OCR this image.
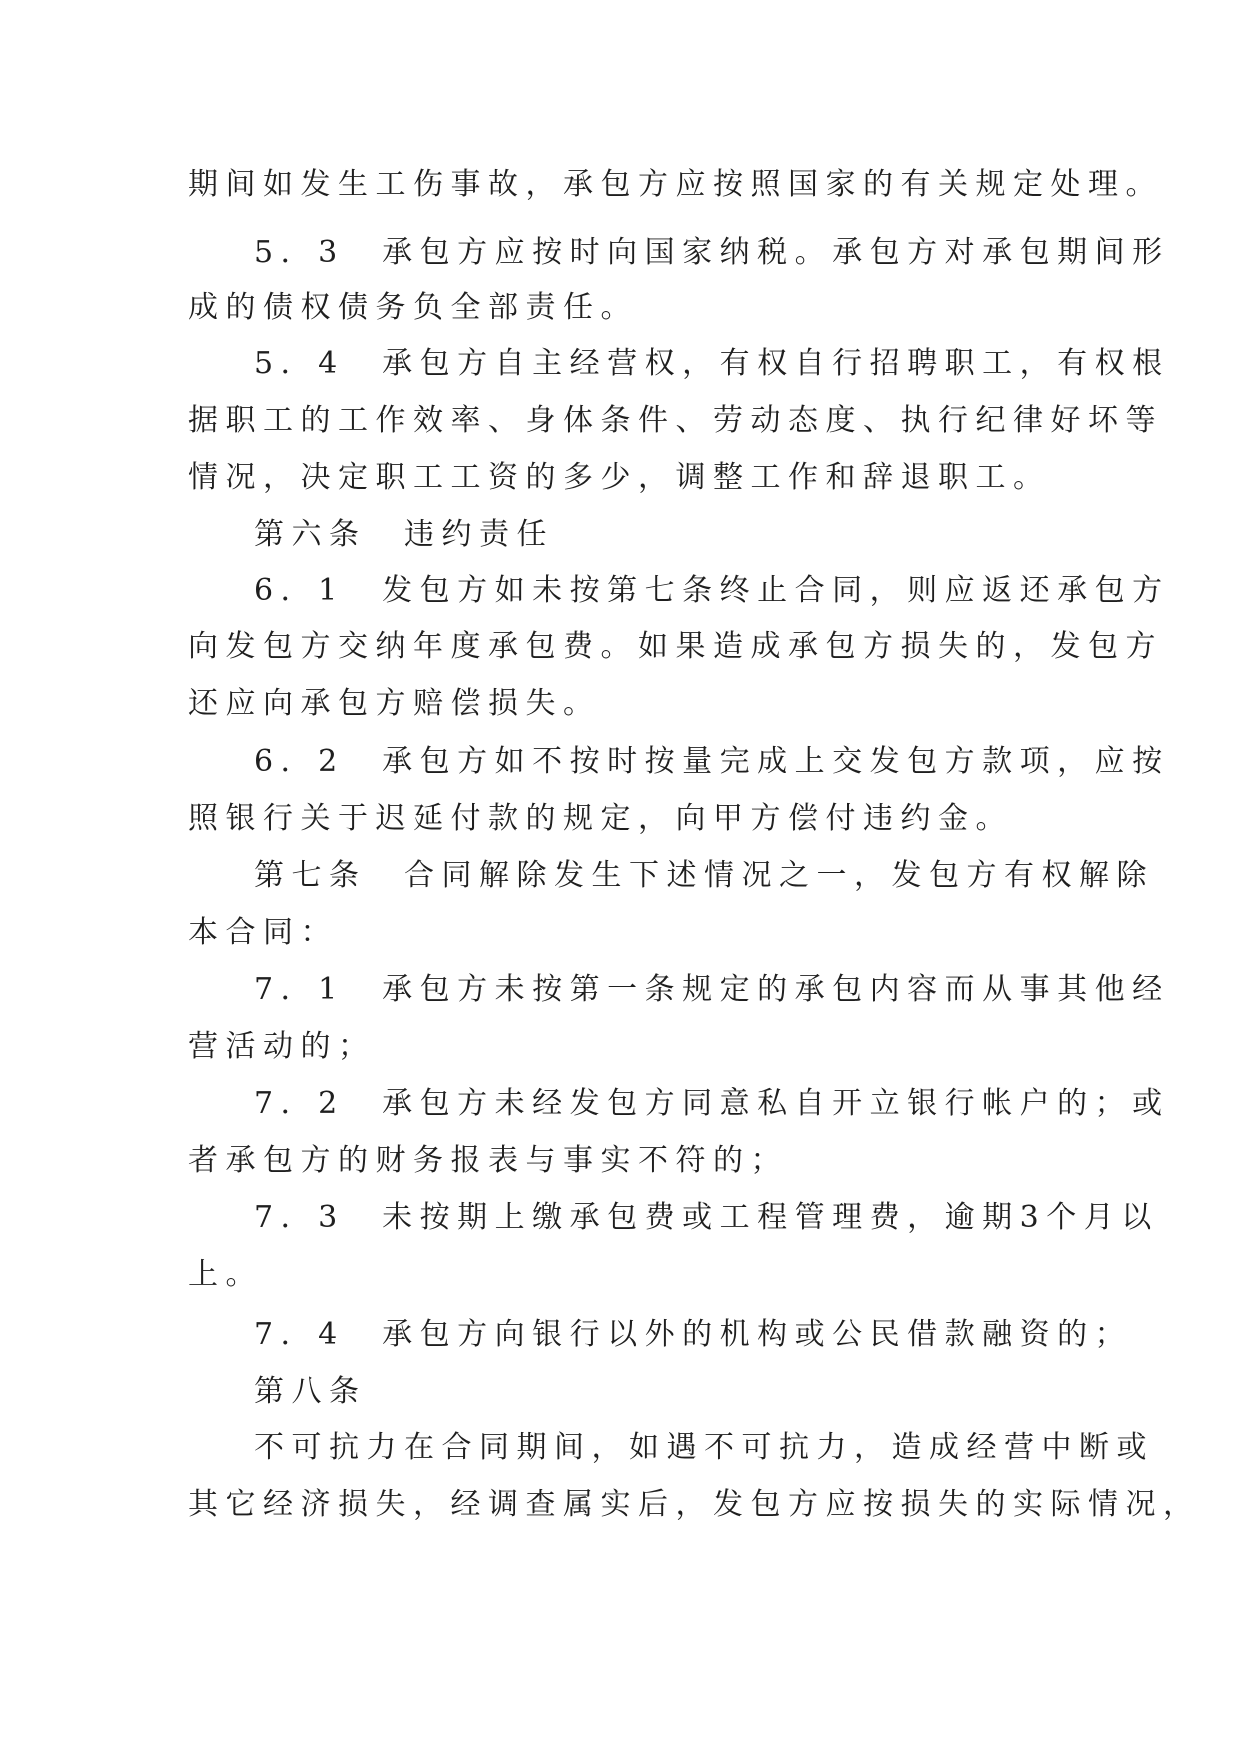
期间如发生工伤事故，承包方应按照国家的有关规定处理。
5．3　承包方应按时向国家纳税。承包方对承包期间形
成的债权债务负全部责任。
5．4　承包方自主经营权，有权自行招聘职工，有权根
据职工的工作效率、身体条件、劳动态度、执行纪律好坏等
情况，决定职工工资的多少，调整工作和辞退职工。
第六条　违约责任
6．1　发包方如未按第七条终止合同，则应返还承包方
向发包方交纳年度承包费。如果造成承包方损失的，发包方
还应向承包方赔偿损失。
6．2　承包方如不按时按量完成上交发包方款项，应按
照银行关于迟延付款的规定，向甲方偿付违约金。
第七条　合同解除发生下述情况之一，发包方有权解除
本合同：
7．1　承包方未按第一条规定的承包内容而从事其他经
营活动的；
7．2　承包方未经发包方同意私自开立银行帐户的；或
者承包方的财务报表与事实不符的；
7．3　未按期上缴承包费或工程管理费，逾期3个月以
上。
7．4　承包方向银行以外的机构或公民借款融资的；
第八条
不可抗力在合同期间，如遇不可抗力，造成经营中断或
其它经济损失，经调查属实后，发包方应按损失的实际情况，
